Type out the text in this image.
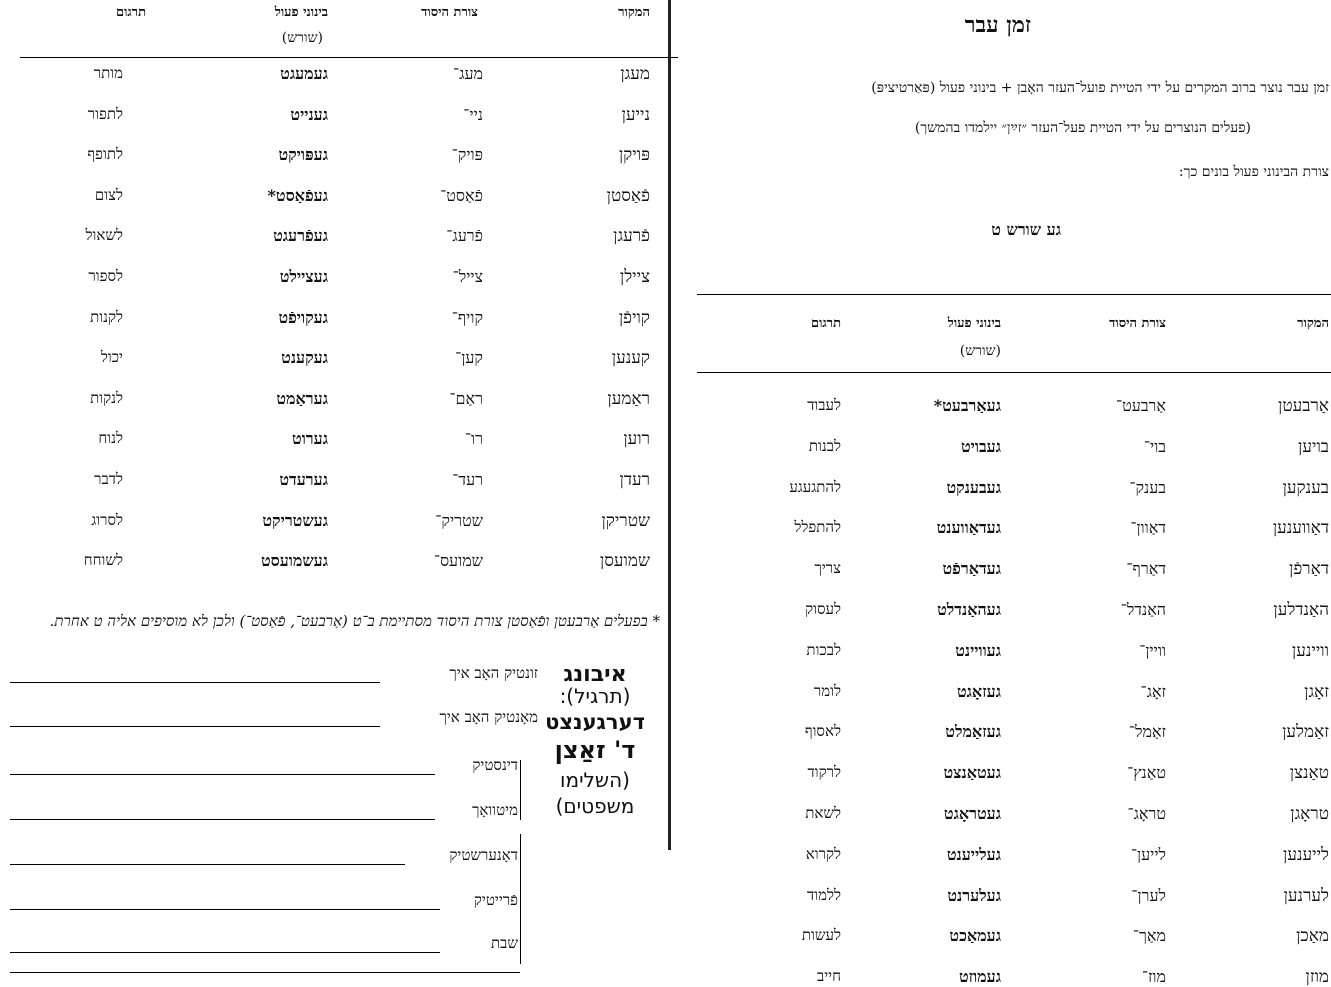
המקור
צורת היסוד
בינוני פעול
(שורש)
תרגום
מעגן
מעג־
געמעגט
מותר
נייען
ניי־
גענייט
לתפור
פּויקן
פּויק־
געפּויקט
לתופף
פֿאַסטן
פֿאַסט־
געפֿאַסט*
לצום
פֿרעגן
פֿרעג־
געפֿרעגט
לשאול
ציילן
צייל־
געציילט
לספור
קויפֿן
קויף־
געקויפֿט
לקנות
קענען
קען־
געקענט
יכול
ראַמען
ראַם־
געראַמט
לנקות
רוען
רו־
גערוט
לנוח
רעדן
רעד־
גערעדט
לדבר
שטריקן
שטריק־
געשטריקט
לסרוג
שמועסן
שמועס־
געשמועסט
לשוחח
* בפעלים אַרבעטן ופֿאַסטן צורת היסוד מסתיימת ב־ט (אַרבעט־, פֿאַסט־) ולכן לא מוסיפים אליה ט אחרת.
זונטיק האָב איך
מאָנטיק האָב איך
דינסטיק
מיטוואָך
דאָנערשטיק
פֿרייטיק
שבת
איבונג
(תרגיל):
דערגענצט
ד' זאַצן
(השלימו
משפטים)
זמן עבר
זמן עבר נוצר ברוב המקרים על ידי הטיית פועל־העזר האָבן + בינוני פעול (פּאַרטיציפּ)
(פעלים הנוצרים על ידי הטיית פעל־העזר ״זײַן״ יילמדו בהמשך)
צורת הבינוני פעול בונים כך:
גע שורש ט
המקור
צורת היסוד
בינוני פעול
(שורש)
תרגום
אַרבעטן
אַרבעט־
געאַרבעט*
לעבוד
בויען
בוי־
געבויט
לבנות
בענקען
בענק־
געבענקט
להתגעגע
דאַווענען
דאַוון־
געדאַווענט
להתפלל
דאַרפֿן
דאַרף־
געדאַרפֿט
צריך
האַנדלען
האַנדל־
געהאַנדלט
לעסוק
וויינען
וויין־
געוויינט
לבכות
זאָגן
זאָג־
געזאָגט
לומר
זאַמלען
זאַמל־
געזאַמלט
לאסוף
טאַנצן
טאַנץ־
געטאַנצט
לרקוד
טראָגן
טראָג־
געטראָגט
לשאת
לייענען
לייען־
געלייענט
לקרוא
לערנען
לערן־
געלערנט
ללמוד
מאַכן
מאַך־
געמאַכט
לעשות
מוזן
מוז־
געמוזט
חייב
